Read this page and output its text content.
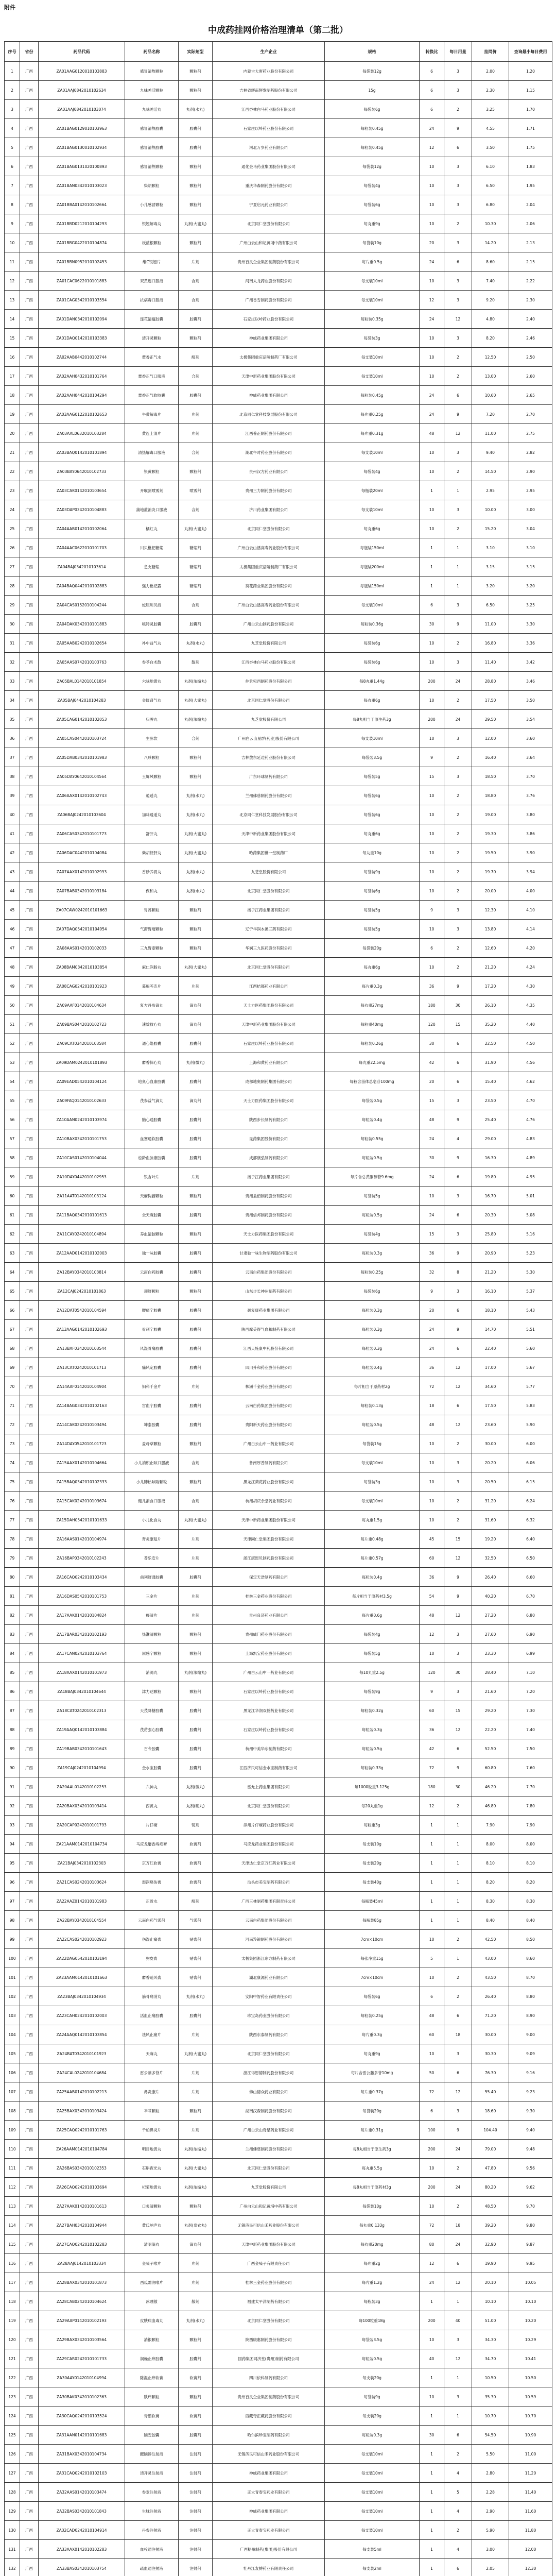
附件
中成药挂网价格治理清单（第二批）
序号	省份	药品代码	药品名称	实际剂型	生产企业	规格	转换比	每日用量	挂网价	查询最小每日费用
1	广西	ZA01AAG0120010103883	感冒清热颗粒	颗粒剂	内蒙古大唐药业股份有限公司	每袋装12g	6	3	2.00	1.20
2	广西	ZA01AAJ0842010102634	九味羌活颗粒	颗粒剂	吉林省辉南辉发制药股份有限公司	15g	6	3	2.30	1.15
3	广西	ZA01AAJ0842010103074	九味羌活丸	丸剂(水丸)	江西杏林白马药业股份有限公司	每袋装6g	6	2	3.25	1.70
4	广西	ZA01BAG0129010103963	感冒清热胶囊	胶囊剂	石家庄以岭药业股份有限公司	每粒装0.45g	24	9	4.55	1.71
5	广西	ZA01BAG0130010102934	感冒清热胶囊	胶囊剂	河北万岁药业有限公司	每粒装0.45g	12	6	3.50	1.75
6	广西	ZA01BAG0131020100893	感冒清热颗粒	颗粒剂	通化金马药业集团股份有限公司	每袋装12g	10	3	6.10	1.83
7	广西	ZA01BAN0342010103023	柴胡颗粒	颗粒剂	重庆华森制药股份有限公司	每袋装4g	10	3	6.50	1.95
8	广西	ZA01BBA0142010102664	小儿感冒颗粒	颗粒剂	宁夏启元药业有限公司	每袋装6g	10	3	6.80	2.04
9	广西	ZA01BBD0212010104293	银翘解毒丸	丸剂(大蜜丸)	北京同仁堂股份有限公司	每丸重9g	10	2	10.30	2.06
10	广西	ZA01BBG0422010104874	板蓝根颗粒	颗粒剂	广州白云山和记黄埔中药有限公司	每袋装10g	20	3	14.20	2.13
11	广西	ZA01BBN0952010102453	维C银翘片	片剂	贵州百灵企业集团制药股份有限公司	每片重0.5g	24	6	8.60	2.15
12	广西	ZA01CAC0622010101883	双黄连口服液	合剂	河南太龙药业股份有限公司	每支装10ml	10	3	7.40	2.22
13	广西	ZA01CAG0342010103554	抗病毒口服液	合剂	广州香雪制药股份有限公司	每支装10ml	12	3	9.20	2.30
14	广西	ZA01DAN0342010102094	连花清瘟胶囊	胶囊剂	石家庄以岭药业股份有限公司	每粒装0.35g	24	12	4.80	2.40
15	广西	ZA01DAQ0142010103383	清开灵颗粒	颗粒剂	神威药业集团有限公司	每袋装3g	10	3	8.20	2.46
16	广西	ZA02AAB0442010102744	藿香正气水	酊剂	太极集团重庆涪陵制药厂有限公司	每支装10ml	10	2	12.50	2.50
17	广西	ZA02AAH0432010101764	藿香正气口服液	合剂	天津中新药业集团股份有限公司	每支装10ml	10	2	13.00	2.60
18	广西	ZA02AAH0442010104294	藿香正气软胶囊	胶囊剂	神威药业集团有限公司	每粒装0.45g	24	6	10.60	2.65
19	广西	ZA03AAG0122010102653	牛黄解毒片	片剂	北京同仁堂科技发展股份有限公司	每片重0.25g	24	9	7.20	2.70
20	广西	ZA03AAL0632010103284	黄连上清片	片剂	江西普正制药股份有限公司	每片重0.31g	48	12	11.00	2.75
21	广西	ZA03BAQ0142010101894	清热解毒口服液	合剂	湖北午时药业股份有限公司	每支装10ml	10	3	9.40	2.82
22	广西	ZA03BAY0642010102733	银黄颗粒	颗粒剂	贵州汉方药业有限公司	每袋装4g	10	2	14.50	2.90
23	广西	ZA03CAK0142010103654	开喉剑喷雾剂	喷雾剂	贵州三力制药股份有限公司	每瓶装20ml	1	1	2.95	2.95
24	广西	ZA03DAP0342010104883	蒲地蓝消炎口服液	合剂	济川药业集团有限公司	每支装10ml	10	3	10.00	3.00
25	广西	ZA04AAB0142010102064	橘红丸	丸剂(大蜜丸)	北京同仁堂股份有限公司	每丸重6g	10	2	15.20	3.04
26	广西	ZA04AAC0622010101703	川贝枇杷糖浆	糖浆剂	广州白云山潘高寿药业股份有限公司	每瓶装150ml	1	1	3.10	3.10
27	广西	ZA04BAJ0342010103614	急支糖浆	糖浆剂	太极集团重庆涪陵制药厂有限公司	每瓶装200ml	1	1	3.15	3.15
28	广西	ZA04BAQ0442010102883	强力枇杷露	糖浆剂	葵花药业集团股份有限公司	每瓶装150ml	1	1	3.20	3.20
29	广西	ZA04CAS0152010104244	蛇胆川贝液	合剂	广州白云山潘高寿药业股份有限公司	每支装10ml	6	3	6.50	3.25
30	广西	ZA04DAK0342010101883	咳特灵胶囊	胶囊剂	广州白云山制药股份有限公司	每粒装0.36g	30	9	11.00	3.30
31	广西	ZA05AAB0242010102654	补中益气丸	丸剂(水丸)	九芝堂股份有限公司	每袋装6g	10	2	16.80	3.36
32	广西	ZA05AAS0742010103763	参苓白术散	散剂	江西杏林白马药业股份有限公司	每袋装6g	10	3	11.40	3.42
33	广西	ZA05BAL0142010101854	六味地黄丸	丸剂(浓缩丸)	仲景宛西制药股份有限公司	每8丸重1.44g	200	24	28.80	3.46
34	广西	ZA05BAJ0442010104283	金匮肾气丸	丸剂(大蜜丸)	北京同仁堂股份有限公司	每丸重6g	10	2	17.50	3.50
35	广西	ZA05CAG0142010102053	归脾丸	丸剂(浓缩丸)	九芝堂股份有限公司	每8丸相当于原生药3g	200	24	29.50	3.54
36	广西	ZA05CAS0442010103724	生脉饮	合剂	广州白云山星群(药业)股份有限公司	每支装10ml	10	3	12.00	3.60
37	广西	ZA05DAB0342010101983	八珍颗粒	颗粒剂	吉林敖东延边药业股份有限公司	每袋装3.5g	9	2	16.40	3.64
38	广西	ZA05DAY0642010104564	玉屏风颗粒	颗粒剂	广东环球制药有限公司	每袋装5g	15	3	18.50	3.70
39	广西	ZA06AAX0142010102743	逍遥丸	丸剂(水丸)	兰州佛慈制药股份有限公司	每袋装6g	10	2	18.80	3.76
40	广西	ZA06BAJ0242010103604	加味逍遥丸	丸剂(水丸)	北京同仁堂科技发展股份有限公司	每袋装6g	10	2	19.00	3.80
41	广西	ZA06CAS0342010101773	舒肝丸	丸剂(大蜜丸)	天津中新药业集团股份有限公司	每丸重6g	10	2	19.30	3.86
42	广西	ZA06DAC0442010104084	柴胡舒肝丸	丸剂(大蜜丸)	哈药集团世一堂制药厂	每丸重10g	10	2	19.50	3.90
43	广西	ZA07AAX0142010102993	香砂养胃丸	丸剂(水丸)	九芝堂股份有限公司	每袋装9g	10	2	19.70	3.94
44	广西	ZA07BAB0342010103184	保和丸	丸剂(水丸)	北京同仁堂股份有限公司	每袋装6g	10	2	20.00	4.00
45	广西	ZA07CAW0242010101663	胃苏颗粒	颗粒剂	扬子江药业集团有限公司	每袋装5g	9	3	12.30	4.10
46	广西	ZA07DAQ0542010104954	气滞胃痛颗粒	颗粒剂	辽宁华润本溪三药有限公司	每袋装5g	10	3	13.80	4.14
47	广西	ZA08AAS0142010102033	三九胃泰颗粒	颗粒剂	华润三九医药股份有限公司	每袋装20g	6	2	12.60	4.20
48	广西	ZA08BAM0342010103854	麻仁润肠丸	丸剂(大蜜丸)	北京同仁堂股份有限公司	每丸重6g	10	2	21.20	4.24
49	广西	ZA08CAG0242010101923	葛根芩连片	片剂	江西桔都药业有限公司	每片重0.3g	36	9	17.20	4.30
50	广西	ZA09AAF0142010104634	复方丹参滴丸	滴丸剂	天士力医药集团股份有限公司	每丸重27mg	180	30	26.10	4.35
51	广西	ZA09BAS0442010102723	速效救心丸	滴丸剂	天津中新药业集团股份有限公司	每粒重40mg	120	15	35.20	4.40
52	广西	ZA09CAT0342010103584	通心络胶囊	胶囊剂	石家庄以岭药业股份有限公司	每粒装0.26g	30	6	22.50	4.50
53	广西	ZA09DAM0242010101893	麝香保心丸	丸剂(微丸)	上海和黄药业有限公司	每丸重22.5mg	42	6	31.90	4.56
54	广西	ZA09EAD0542010104124	地奥心血康胶囊	胶囊剂	成都地奥制药集团有限公司	每粒含甾体总皂苷100mg	20	6	15.40	4.62
55	广西	ZA09FAQ0142010102633	芪参益气滴丸	滴丸剂	天士力医药集团股份有限公司	每袋装0.5g	15	3	23.50	4.70
56	广西	ZA10AAN0242010103974	脑心通胶囊	胶囊剂	陕西步长制药有限公司	每粒装0.4g	48	9	25.40	4.76
57	广西	ZA10BAX0342010101753	血塞通软胶囊	胶囊剂	昆药集团股份有限公司	每粒装0.55g	24	4	29.00	4.83
58	广西	ZA10CAS0142010104044	松龄血脉康胶囊	胶囊剂	成都康弘制药有限公司	每粒装0.5g	30	9	16.30	4.89
59	广西	ZA10DAY0442010102953	银杏叶片	片剂	扬子江药业集团有限公司	每片含总黄酮醇苷9.6mg	24	6	19.80	4.95
60	广西	ZA11AAT0142010103124	天麻钩藤颗粒	颗粒剂	贵州益佰制药股份有限公司	每袋装5g	10	3	16.70	5.01
61	广西	ZA11BAQ0342010101613	全天麻胶囊	胶囊剂	贵州信邦制药股份有限公司	每粒装0.5g	24	6	20.30	5.08
62	广西	ZA11CAY0242010104894	养血清脑颗粒	颗粒剂	天士力医药集团股份有限公司	每袋装4g	15	3	25.80	5.16
63	广西	ZA12AAD0142010102003	独一味胶囊	胶囊剂	甘肃独一味生物制药股份有限公司	每粒装0.3g	36	9	20.90	5.23
64	广西	ZA12BAY0342010103814	云南白药胶囊	胶囊剂	云南白药集团股份有限公司	每粒装0.25g	32	8	21.20	5.30
65	广西	ZA12CAJ0242010101863	颈舒颗粒	颗粒剂	山东步长神州制药有限公司	每袋装6g	9	3	16.10	5.37
66	广西	ZA12DAT0542010104594	腰痛宁胶囊	胶囊剂	颈复康药业集团有限公司	每粒装0.3g	20	6	18.10	5.43
67	广西	ZA13AAG0142010102693	骨刺宁胶囊	胶囊剂	陕西摩美得气血和制药有限公司	每粒装0.3g	24	9	14.70	5.51
68	广西	ZA13BAF0342010103544	风湿骨痛胶囊	胶囊剂	江西天施康中药股份有限公司	每粒装0.3g	24	6	22.40	5.60
69	广西	ZA13CAT0242010101713	痛风定胶囊	胶囊剂	四川升和药业股份有限公司	每粒装0.4g	36	12	17.00	5.67
70	广西	ZA14AAF0142010104904	妇科千金片	片剂	株洲千金药业股份有限公司	每片相当于原药材2g	72	12	34.60	5.77
71	广西	ZA14BAG0342010102163	宫血宁胶囊	胶囊剂	云南白药集团股份有限公司	每粒装0.13g	18	6	17.50	5.83
72	广西	ZA14CAK0242010103494	坤泰胶囊	胶囊剂	贵阳新天药业股份有限公司	每粒装0.5g	48	12	23.60	5.90
73	广西	ZA14DAY0542010101723	益母草颗粒	颗粒剂	广州白云山中一药业有限公司	每袋装15g	10	2	30.00	6.00
74	广西	ZA15AAX0142010104664	小儿消积止咳口服液	合剂	鲁南厚普制药有限公司	每支装10ml	10	3	20.20	6.06
75	广西	ZA15BAQ0342010102333	小儿肺热咳喘颗粒	颗粒剂	黑龙江葵花药业股份有限公司	每袋装3g	10	3	20.50	6.15
76	广西	ZA15CAK0242010103674	健儿消食口服液	合剂	杭州胡庆余堂药业有限公司	每支装10ml	10	2	31.20	6.24
77	广西	ZA15DAH0542010101633	小儿化食丸	丸剂(大蜜丸)	天津中新药业集团股份有限公司	每丸重1.5g	10	2	31.60	6.32
78	广西	ZA16AAS0142010104974	肾炎康复片	片剂	天津同仁堂集团股份有限公司	每片重0.48g	45	15	19.20	6.40
79	广西	ZA16BAP0342010102243	普乐安片	片剂	浙江康恩贝制药股份有限公司	每片重0.57g	60	12	32.50	6.50
80	广西	ZA16CAQ0242010103434	前列舒通胶囊	胶囊剂	保定天浩制药有限公司	每粒装0.4g	36	9	26.40	6.60
81	广西	ZA16DAS0542010101753	三金片	片剂	桂林三金药业股份有限公司	每片相当于原药材3.5g	54	9	40.20	6.70
82	广西	ZA17AAK0142010104824	癃清片	片剂	贵州良济药业有限公司	每片重0.6g	48	12	27.20	6.80
83	广西	ZA17BAR0342010102193	热淋清颗粒	颗粒剂	贵州威门药业股份有限公司	每袋装4g	12	3	27.60	6.90
84	广西	ZA17CAN0242010103764	尿感宁颗粒	颗粒剂	上海凯宝药业股份有限公司	每袋装5g	10	3	23.30	6.99
85	广西	ZA18AAX0142010101973	消渴丸	丸剂(浓缩丸)	广州白云山中一药业有限公司	每10丸重2.5g	120	30	28.40	7.10
86	广西	ZA18BAJ0342010104644	津力达颗粒	颗粒剂	石家庄以岭药业股份有限公司	每袋装9g	9	3	21.60	7.20
87	广西	ZA18CAT0242010102313	天芪降糖胶囊	胶囊剂	黑龙江华润双鹤药业有限公司	每粒装0.32g	60	15	29.20	7.30
88	广西	ZA19AAQ0142010103884	芪苈强心胶囊	胶囊剂	石家庄以岭药业股份有限公司	每粒装0.3g	36	12	22.20	7.40
89	广西	ZA19BAB0342010101643	百令胶囊	胶囊剂	杭州中美华东制药有限公司	每粒装0.5g	42	6	52.50	7.50
90	广西	ZA19CAJ0242010104994	金水宝胶囊	胶囊剂	江西济民可信金水宝制药有限公司	每粒装0.33g	72	9	60.80	7.60
91	广西	ZA20AAL0142010102253	六神丸	丸剂(微丸)	雷允上药业集团有限公司	每1000粒重3.125g	180	30	46.20	7.70
92	广西	ZA20BAX0342010103414	西黄丸	丸剂(糊丸)	北京同仁堂股份有限公司	每20丸重1g	12	2	46.80	7.80
93	广西	ZA20CAP0242010101793	片仔癀	锭剂	漳州片仔癀药业股份有限公司	每粒重3g	1	1	7.90	7.90
94	广西	ZA21AAM0142010104734	马应龙麝香痔疮膏	软膏剂	马应龙药业集团股份有限公司	每支装10g	1	1	8.00	8.00
95	广西	ZA21BAJ0342010102303	京万红软膏	软膏剂	天津达仁堂京万红药业有限公司	每支装20g	1	1	8.10	8.10
96	广西	ZA21CAS0242010103624	湿润烧伤膏	软膏剂	汕头市美宝制药有限公司	每支装40g	1	1	8.20	8.20
97	广西	ZA22AAZ0142010101983	正骨水	酊剂	广西玉林制药集团有限责任公司	每瓶装45ml	1	1	8.30	8.30
98	广西	ZA22BAY0342010104554	云南白药气雾剂	气雾剂	云南白药集团股份有限公司	每瓶装85g	1	1	8.40	8.40
99	广西	ZA22CAS0242010102923	伤湿止痛膏	贴膏剂	河南羚锐制药股份有限公司	7cm×10cm	10	2	42.50	8.50
100	广西	ZA22DAG0542010103194	狗皮膏	贴膏剂	太极集团浙江东方制药有限公司	每张净重15g	5	1	43.00	8.60
101	广西	ZA23AAM0142010101663	麝香追风膏	贴膏剂	湖北康源药业有限公司	7cm×10cm	10	2	43.50	8.70
102	广西	ZA23BAJ0342010104934	筋骨痛消丸	丸剂(水丸)	安阳中智药业有限责任公司	每袋装6g	6	2	26.40	8.80
103	广西	ZA23CAH0242010102003	活血止痛胶囊	胶囊剂	珍宝岛药业股份有限公司	每粒装0.25g	48	6	71.20	8.90
104	广西	ZA24AAQ0142010103854	祛风止痛片	片剂	陕西东泰制药有限公司	每片重0.3g	60	18	30.00	9.00
105	广西	ZA24BAT0342010101923	天麻丸	丸剂(大蜜丸)	北京同仁堂股份有限公司	每丸重9g	10	3	30.30	9.09
106	广西	ZA24CAL0242010104684	雷公藤多苷片	片剂	浙江得恩德制药股份有限公司	每片含雷公藤多苷10mg	50	6	76.30	9.16
107	广西	ZA25AAB0142010102213	鼻炎康片	片剂	佛山德众药业有限公司	每片重0.37g	72	12	55.40	9.23
108	广西	ZA25BAX0342010103424	辛芩颗粒	颗粒剂	湖南汉森制药股份有限公司	每袋装20g	6	3	18.60	9.30
109	广西	ZA25CAQ0242010101763	千柏鼻炎片	片剂	广州白云山奇星药业有限公司	每片重0.31g	100	9	104.40	9.40
110	广西	ZA26AAM0142010104784	明目地黄丸	丸剂(浓缩丸)	兰州佛慈制药股份有限公司	每8丸相当于原生药3g	200	24	79.00	9.48
111	广西	ZA26BAS0342010102353	石斛夜光丸	丸剂(大蜜丸)	北京同仁堂股份有限公司	每丸重5.5g	10	2	47.80	9.56
112	广西	ZA26CAQ0242010103694	杞菊地黄丸	丸剂(浓缩丸)	九芝堂股份有限公司	每8丸相当于原药材3g	200	24	80.20	9.62
113	广西	ZA27AAK0142010101613	口炎清颗粒	颗粒剂	广州白云山和记黄埔中药有限公司	每袋装10g	10	2	48.50	9.70
114	广西	ZA27BAH0342010104944	黄氏响声丸	丸剂(炭衣丸)	无锡济民可信山禾药业股份有限公司	每丸重0.133g	72	18	39.20	9.80
115	广西	ZA27CAQ0242010102283	清咽滴丸	滴丸剂	天津中新药业集团股份有限公司	每丸重20mg	80	24	32.90	9.87
116	广西	ZA28AAJ0142010103334	金嗓子喉片	片剂	广西金嗓子有限责任公司	每片重2g	12	6	19.90	9.95
117	广西	ZA28BAX0342010101873	西瓜霜润喉片	片剂	桂林三金药业股份有限公司	每片重1.2g	24	12	20.10	10.05
118	广西	ZA28CAB0242010104624	冰硼散	散剂	福建太平洋制药有限公司	每瓶装3g	1	1	10.10	10.10
119	广西	ZA29AAP0142010102193	皮肤病血毒丸	丸剂(水丸)	北京同仁堂股份有限公司	每100粒重18g	200	40	51.00	10.20
120	广西	ZA29BAX0342010103564	消银颗粒	颗粒剂	陕西康惠制药股份有限公司	每袋装3.5g	10	3	34.30	10.29
121	广西	ZA29CAR0242010101733	润燥止痒胶囊	胶囊剂	国药集团同济堂(贵州)制药有限公司	每粒装0.5g	40	12	34.70	10.41
122	广西	ZA30AAY0142010104994	除湿止痒软膏	软膏剂	四川依科制药有限公司	每支装20g	1	1	10.50	10.50
123	广西	ZA30BAK0342010102363	肤痒颗粒	颗粒剂	贵州百灵企业集团制药股份有限公司	每袋装9g	10	3	35.30	10.59
124	广西	ZA30CAQ0242010103524	青鹏软膏	软膏剂	西藏奇正藏药股份有限公司	每支装20g	1	1	10.70	10.70
125	广西	ZA31AAN0142010101683	脑安胶囊	胶囊剂	哈尔滨珍宝制药有限公司	每粒装0.3g	30	6	54.50	10.90
126	广西	ZA31BAX0342010104734	醒脑静注射液	注射剂	无锡济民可信山禾药业股份有限公司	每支装10ml	1	2	5.50	11.00
127	广西	ZA31CAQ0242010102103	清开灵注射液	注射剂	神威药业集团有限公司	每支装10ml	1	4	2.80	11.20
128	广西	ZA32AAS0142010103474	参麦注射液	注射剂	正大青春宝药业有限公司	每支装10ml	1	5	2.28	11.40
129	广西	ZA32BAS0342010101843	生脉注射液	注射剂	神威药业集团有限公司	每支装10ml	1	4	2.90	11.60
130	广西	ZA32CAD0242010104914	丹参注射液	注射剂	正大青春宝药业有限公司	每支装10ml	1	2	5.90	11.80
131	广西	ZA33AAX0142010102283	血栓通注射液	注射剂	广西梧州制药(集团)股份有限公司	每支装5ml	1	4	3.00	12.00
132	广西	ZA33BAS0342010103754	疏血通注射液	注射剂	牡丹江友搏药业有限责任公司	每支装2ml	1	6	2.05	12.30
